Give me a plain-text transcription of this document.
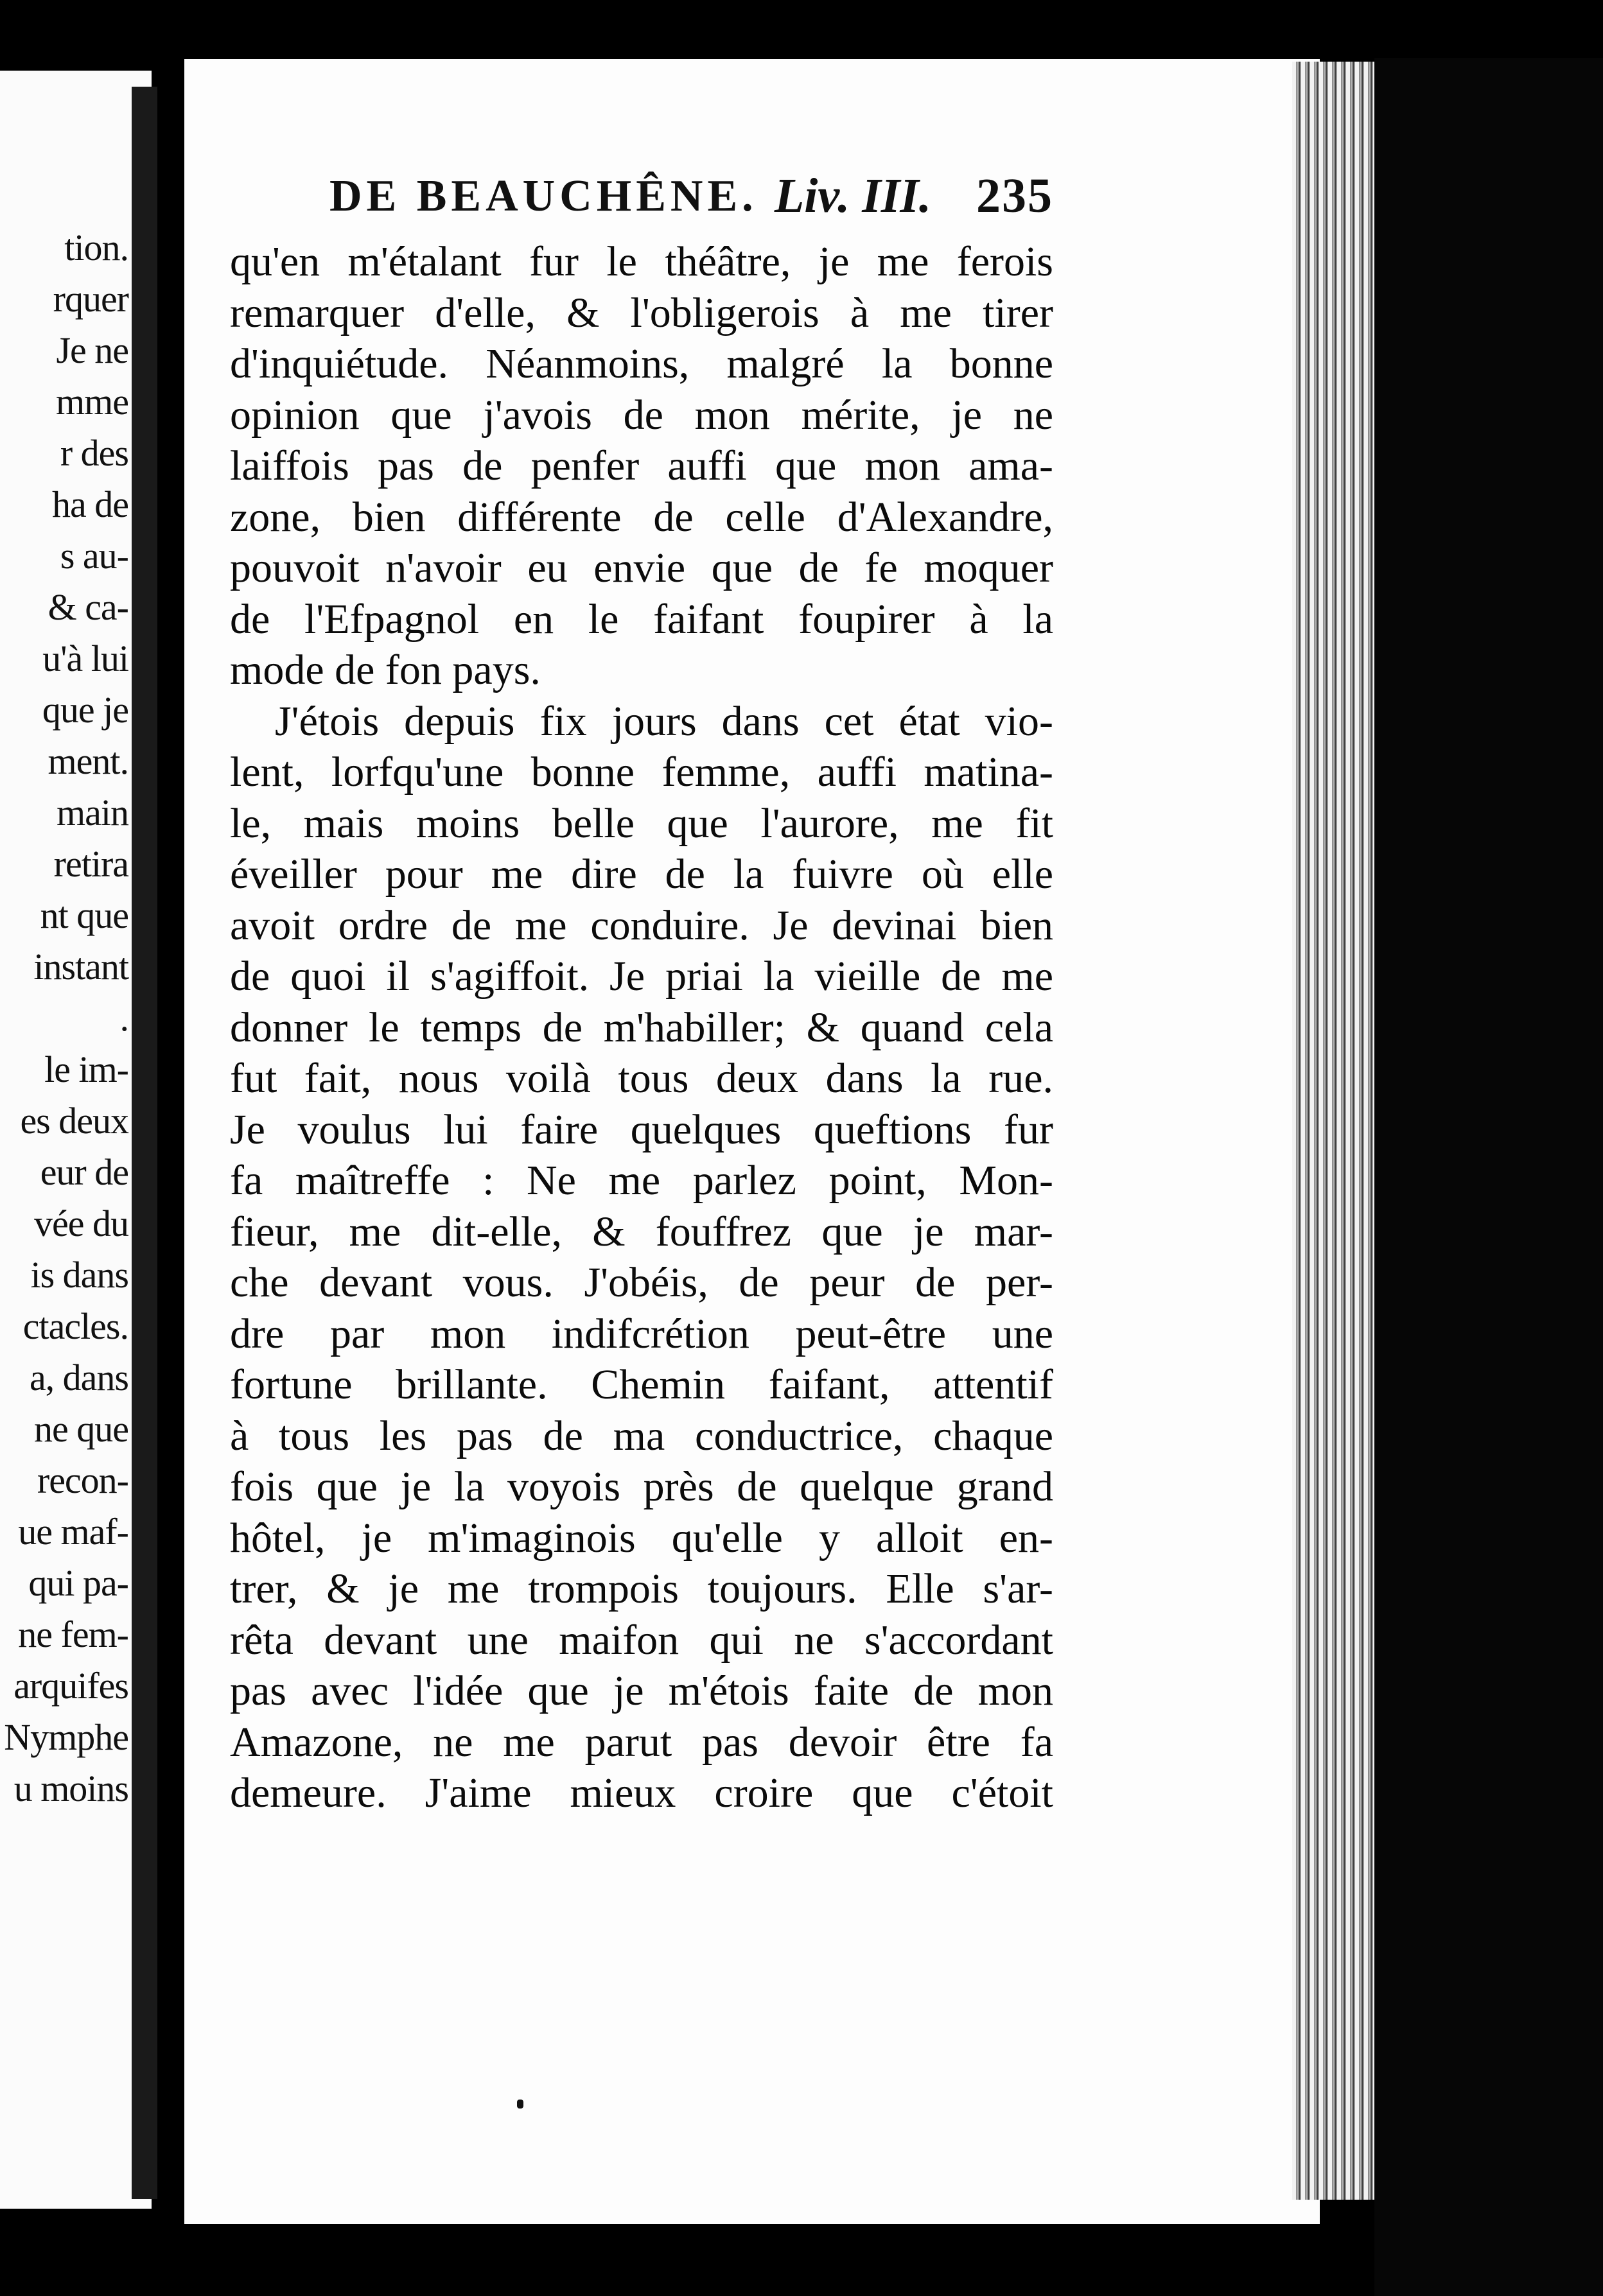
tion.
rquer
Je ne
mme
r des
ha de
s au-
& ca-
u'à lui
que je
ment.
main
retira
nt que
instant
.
le im-
es deux
eur de
vée du
is dans
ctacles.
a, dans
ne que
recon-
ue maf-
qui pa-
ne fem-
arquifes
Nymphe
u moins
DE BEAUCHÊNE. Liv. III. 235
qu'en m'étalant fur le théâtre, je me ferois
remarquer d'elle, & l'obligerois à me tirer
d'inquiétude. Néanmoins, malgré la bonne
opinion que j'avois de mon mérite, je ne
laiffois pas de penfer auffi que mon ama-
zone, bien différente de celle d'Alexandre,
pouvoit n'avoir eu envie que de fe moquer
de l'Efpagnol en le faifant foupirer à la
mode de fon pays.
J'étois depuis fix jours dans cet état vio-
lent, lorfqu'une bonne femme, auffi matina-
le, mais moins belle que l'aurore, me fit
éveiller pour me dire de la fuivre où elle
avoit ordre de me conduire. Je devinai bien
de quoi il s'agiffoit. Je priai la vieille de me
donner le temps de m'habiller; & quand cela
fut fait, nous voilà tous deux dans la rue.
Je voulus lui faire quelques queftions fur
fa maîtreffe : Ne me parlez point, Mon-
fieur, me dit-elle, & fouffrez que je mar-
che devant vous. J'obéis, de peur de per-
dre par mon indifcrétion peut-être une
fortune brillante. Chemin faifant, attentif
à tous les pas de ma conductrice, chaque
fois que je la voyois près de quelque grand
hôtel, je m'imaginois qu'elle y alloit en-
trer, & je me trompois toujours. Elle s'ar-
rêta devant une maifon qui ne s'accordant
pas avec l'idée que je m'étois faite de mon
Amazone, ne me parut pas devoir être fa
demeure. J'aime mieux croire que c'étoit
